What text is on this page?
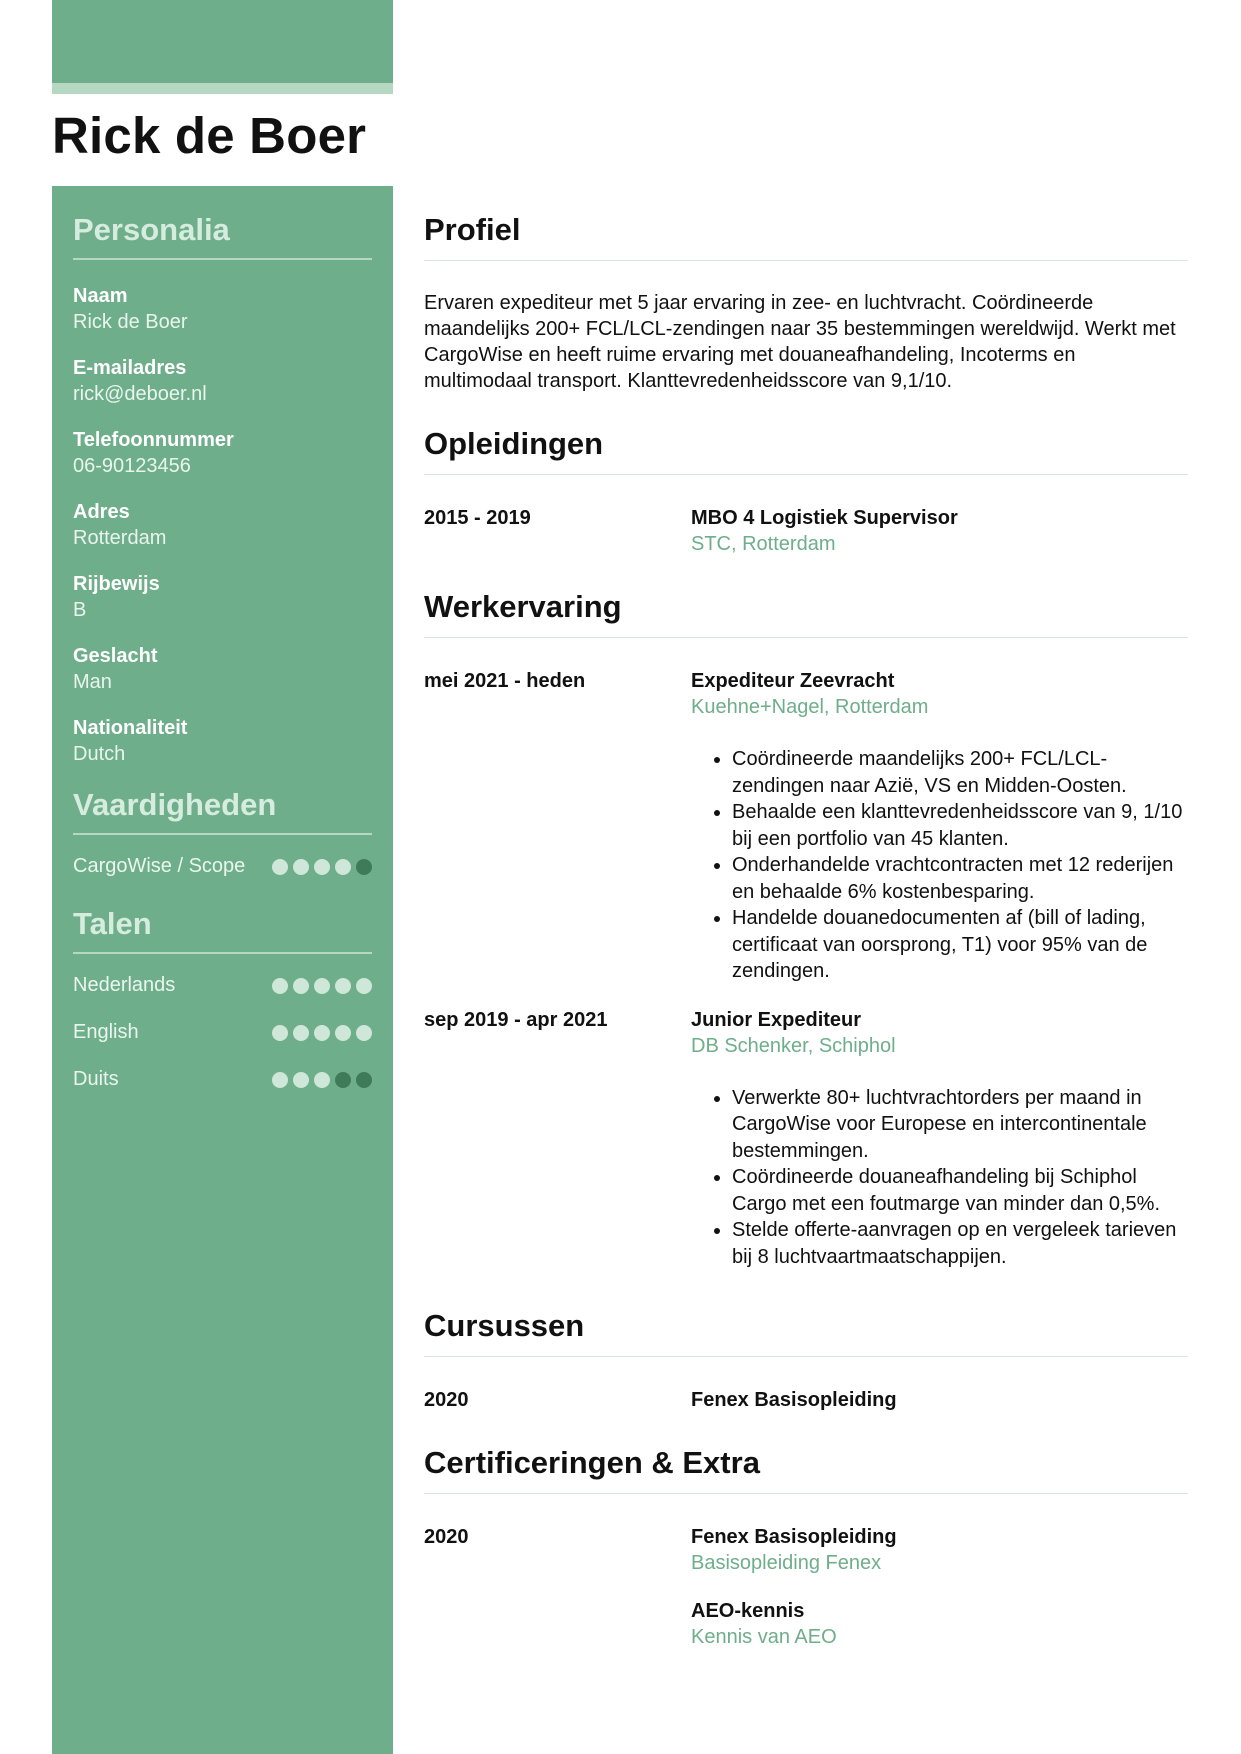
Rick de Boer
Personalia
Naam
Rick de Boer
E-mailadres
rick@deboer.nl
Telefoonnummer
06-90123456
Adres
Rotterdam
Rijbewijs
B
Geslacht
Man
Nationaliteit
Dutch
Vaardigheden
CargoWise / Scope
Talen
Nederlands
English
Duits
Profiel

Ervaren expediteur met 5 jaar ervaring in zee- en luchtvracht. Coördineerde maandelijks 200+ FCL/LCL-zendingen naar 35 bestemmingen wereldwijd. Werkt met CargoWise en heeft ruime ervaring met douaneafhandeling, Incoterms en multimodaal transport. Klanttevredenheidsscore van 9,1/10.

Opleidingen
2015 - 2019	MBO 4 Logistiek Supervisor
STC, Rotterdam
Werkervaring
mei 2021 - heden	Expediteur Zeevracht
Kuehne+Nagel, Rotterdam
• Coördineerde maandelijks 200+ FCL/LCL-zendingen naar Azië, VS en Midden-Oosten.
• Behaalde een klanttevredenheidsscore van 9, 1/10 bij een portfolio van 45 klanten.
• Onderhandelde vrachtcontracten met 12 rederijen en behaalde 6% kostenbesparing.
• Handelde douanedocumenten af (bill of lading, certificaat van oorsprong, T1) voor 95% van de zendingen.
sep 2019 - apr 2021	Junior Expediteur
DB Schenker, Schiphol
• Verwerkte 80+ luchtvrachtorders per maand in CargoWise voor Europese en intercontinentale bestemmingen.
• Coördineerde douaneafhandeling bij Schiphol Cargo met een foutmarge van minder dan 0,5%.
• Stelde offerte-aanvragen op en vergeleek tarieven bij 8 luchtvaartmaatschappijen.
Cursussen
2020	Fenex Basisopleiding
Certificeringen & Extra
2020	Fenex Basisopleiding
Basisopleiding Fenex
AEO-kennis
Kennis van AEO
